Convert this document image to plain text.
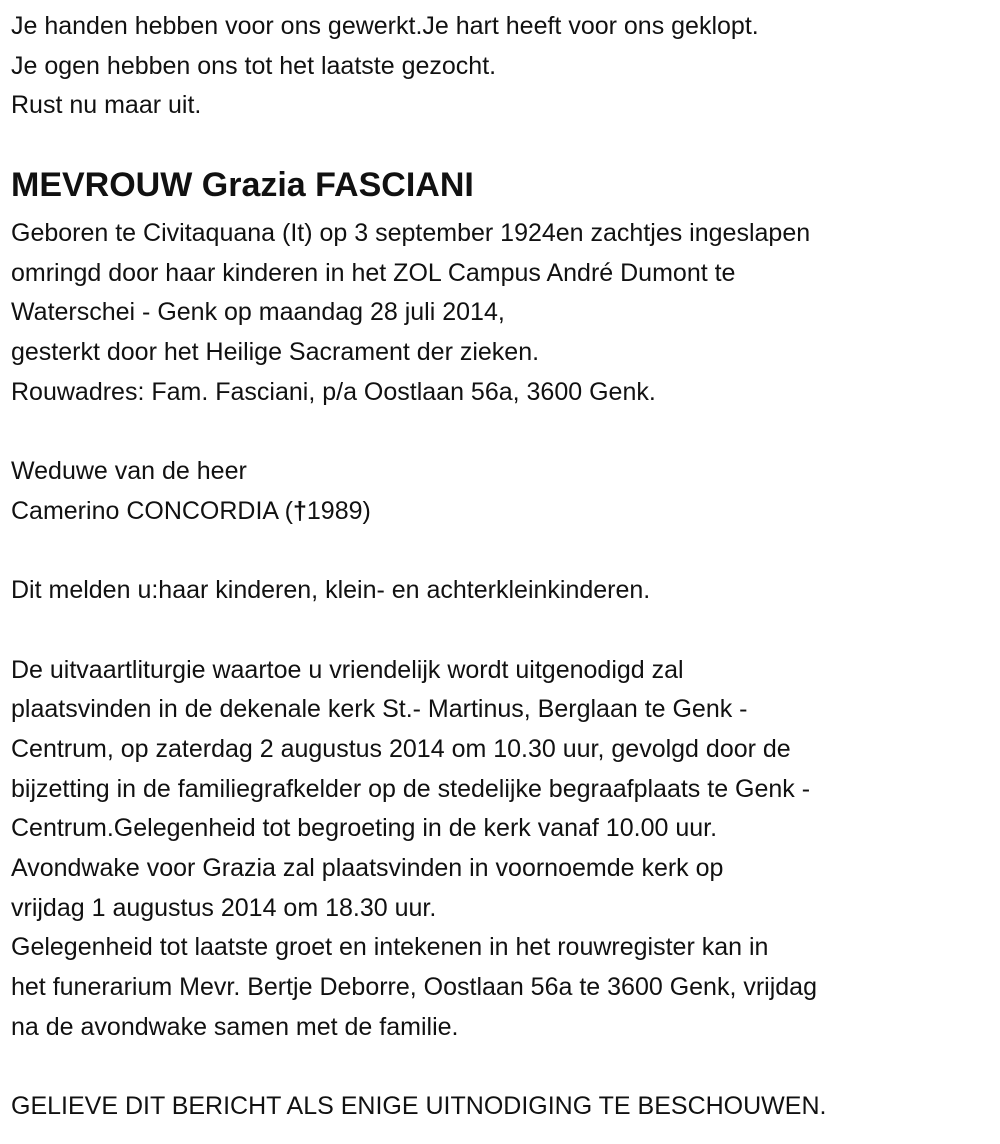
Je handen hebben voor ons gewerkt.Je hart heeft voor ons geklopt.
Je ogen hebben ons tot het laatste gezocht.
Rust nu maar uit.
MEVROUW Grazia FASCIANI
Geboren te Civitaquana (It) op 3 september 1924en zachtjes ingeslapen
omringd door haar kinderen in het ZOL Campus André Dumont te
Waterschei - Genk op maandag 28 juli 2014,
gesterkt door het Heilige Sacrament der zieken.
Rouwadres: Fam. Fasciani, p/a Oostlaan 56a, 3600 Genk.
Weduwe van de heer
Camerino CONCORDIA (†1989)
Dit melden u:haar kinderen, klein- en achterkleinkinderen.
De uitvaartliturgie waartoe u vriendelijk wordt uitgenodigd zal
plaatsvinden in de dekenale kerk St.- Martinus, Berglaan te Genk -
Centrum, op zaterdag 2 augustus 2014 om 10.30 uur, gevolgd door de
bijzetting in de familiegrafkelder op de stedelijke begraafplaats te Genk -
Centrum.Gelegenheid tot begroeting in de kerk vanaf 10.00 uur.
Avondwake voor Grazia zal plaatsvinden in voornoemde kerk op
vrijdag 1 augustus 2014 om 18.30 uur.
Gelegenheid tot laatste groet en intekenen in het rouwregister kan in
het funerarium Mevr. Bertje Deborre, Oostlaan 56a te 3600 Genk, vrijdag
na de avondwake samen met de familie.
GELIEVE DIT BERICHT ALS ENIGE UITNODIGING TE BESCHOUWEN.
